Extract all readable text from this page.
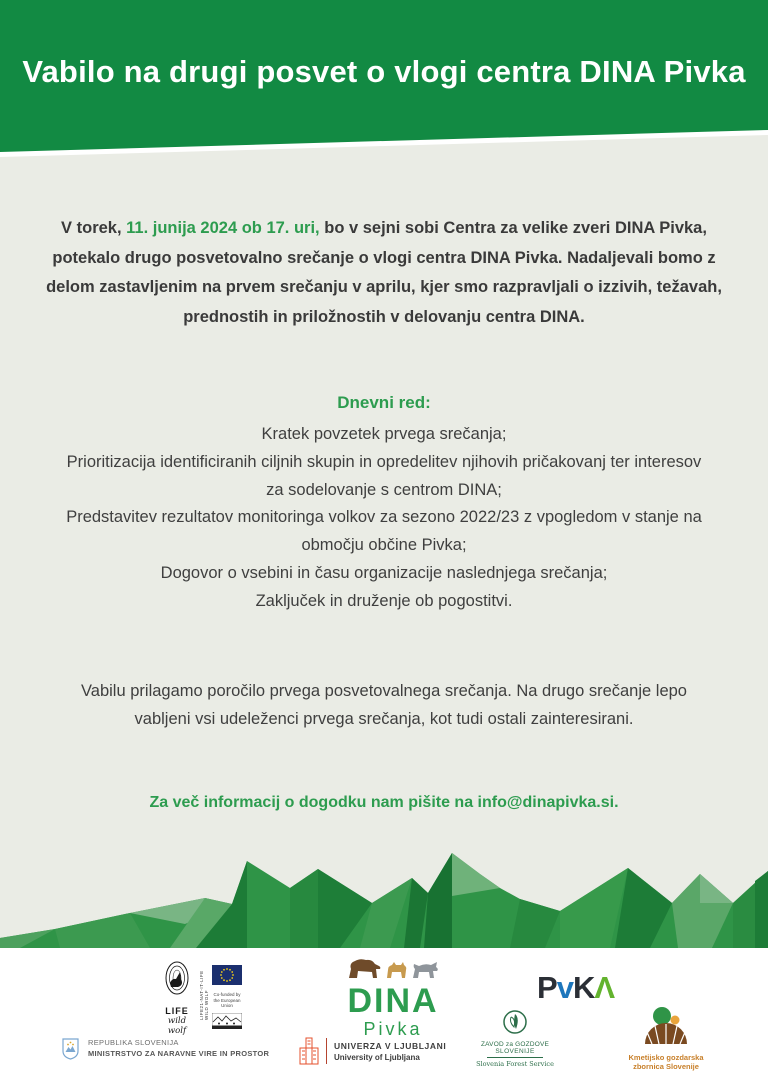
Vabilo na drugi posvet o vlogi centra DINA Pivka
V torek, 11. junija 2024 ob 17. uri, bo v sejni sobi Centra za velike zveri DINA Pivka, potekalo drugo posvetovalno srečanje o vlogi centra DINA Pivka. Nadaljevali bomo z delom zastavljenim na prvem srečanju v aprilu, kjer smo razpravljali o izzivih, težavah, prednostih in priložnostih v delovanju centra DINA.
Dnevni red:
Kratek povzetek prvega srečanja;
Prioritizacija identificiranih ciljnih skupin in opredelitev njihovih pričakovanj ter interesov za sodelovanje s centrom DINA;
Predstavitev rezultatov monitoringa volkov za sezono 2022/23 z vpogledom v stanje na območju občine Pivka;
Dogovor o vsebini in času organizacije naslednjega srečanja;
Zaključek in druženje ob pogostitvi.
Vabilu prilagamo poročilo prvega posvetovalnega srečanja. Na drugo srečanje lepo vabljeni vsi udeleženci prvega srečanja, kot tudi ostali zainteresirani.
Za več informacij o dogodku nam pišite na info@dinapivka.si.
LIFE
wild wolf
LIFE21-NAT-IT-LIFE WILD WOLF Co-funded by
the European Union	DINA
Pivka
PvKΛ
REPUBLIKA SLOVENIJA
MINISTRSTVO ZA NARAVNE VIRE IN PROSTOR
UNIVERZA V LJUBLJANI
University of Ljubljana
ZAVOD za GOZDOVE
SLOVENIJE
Slovenia Forest Service
Kmetijsko gozdarska
zbornica Slovenije
